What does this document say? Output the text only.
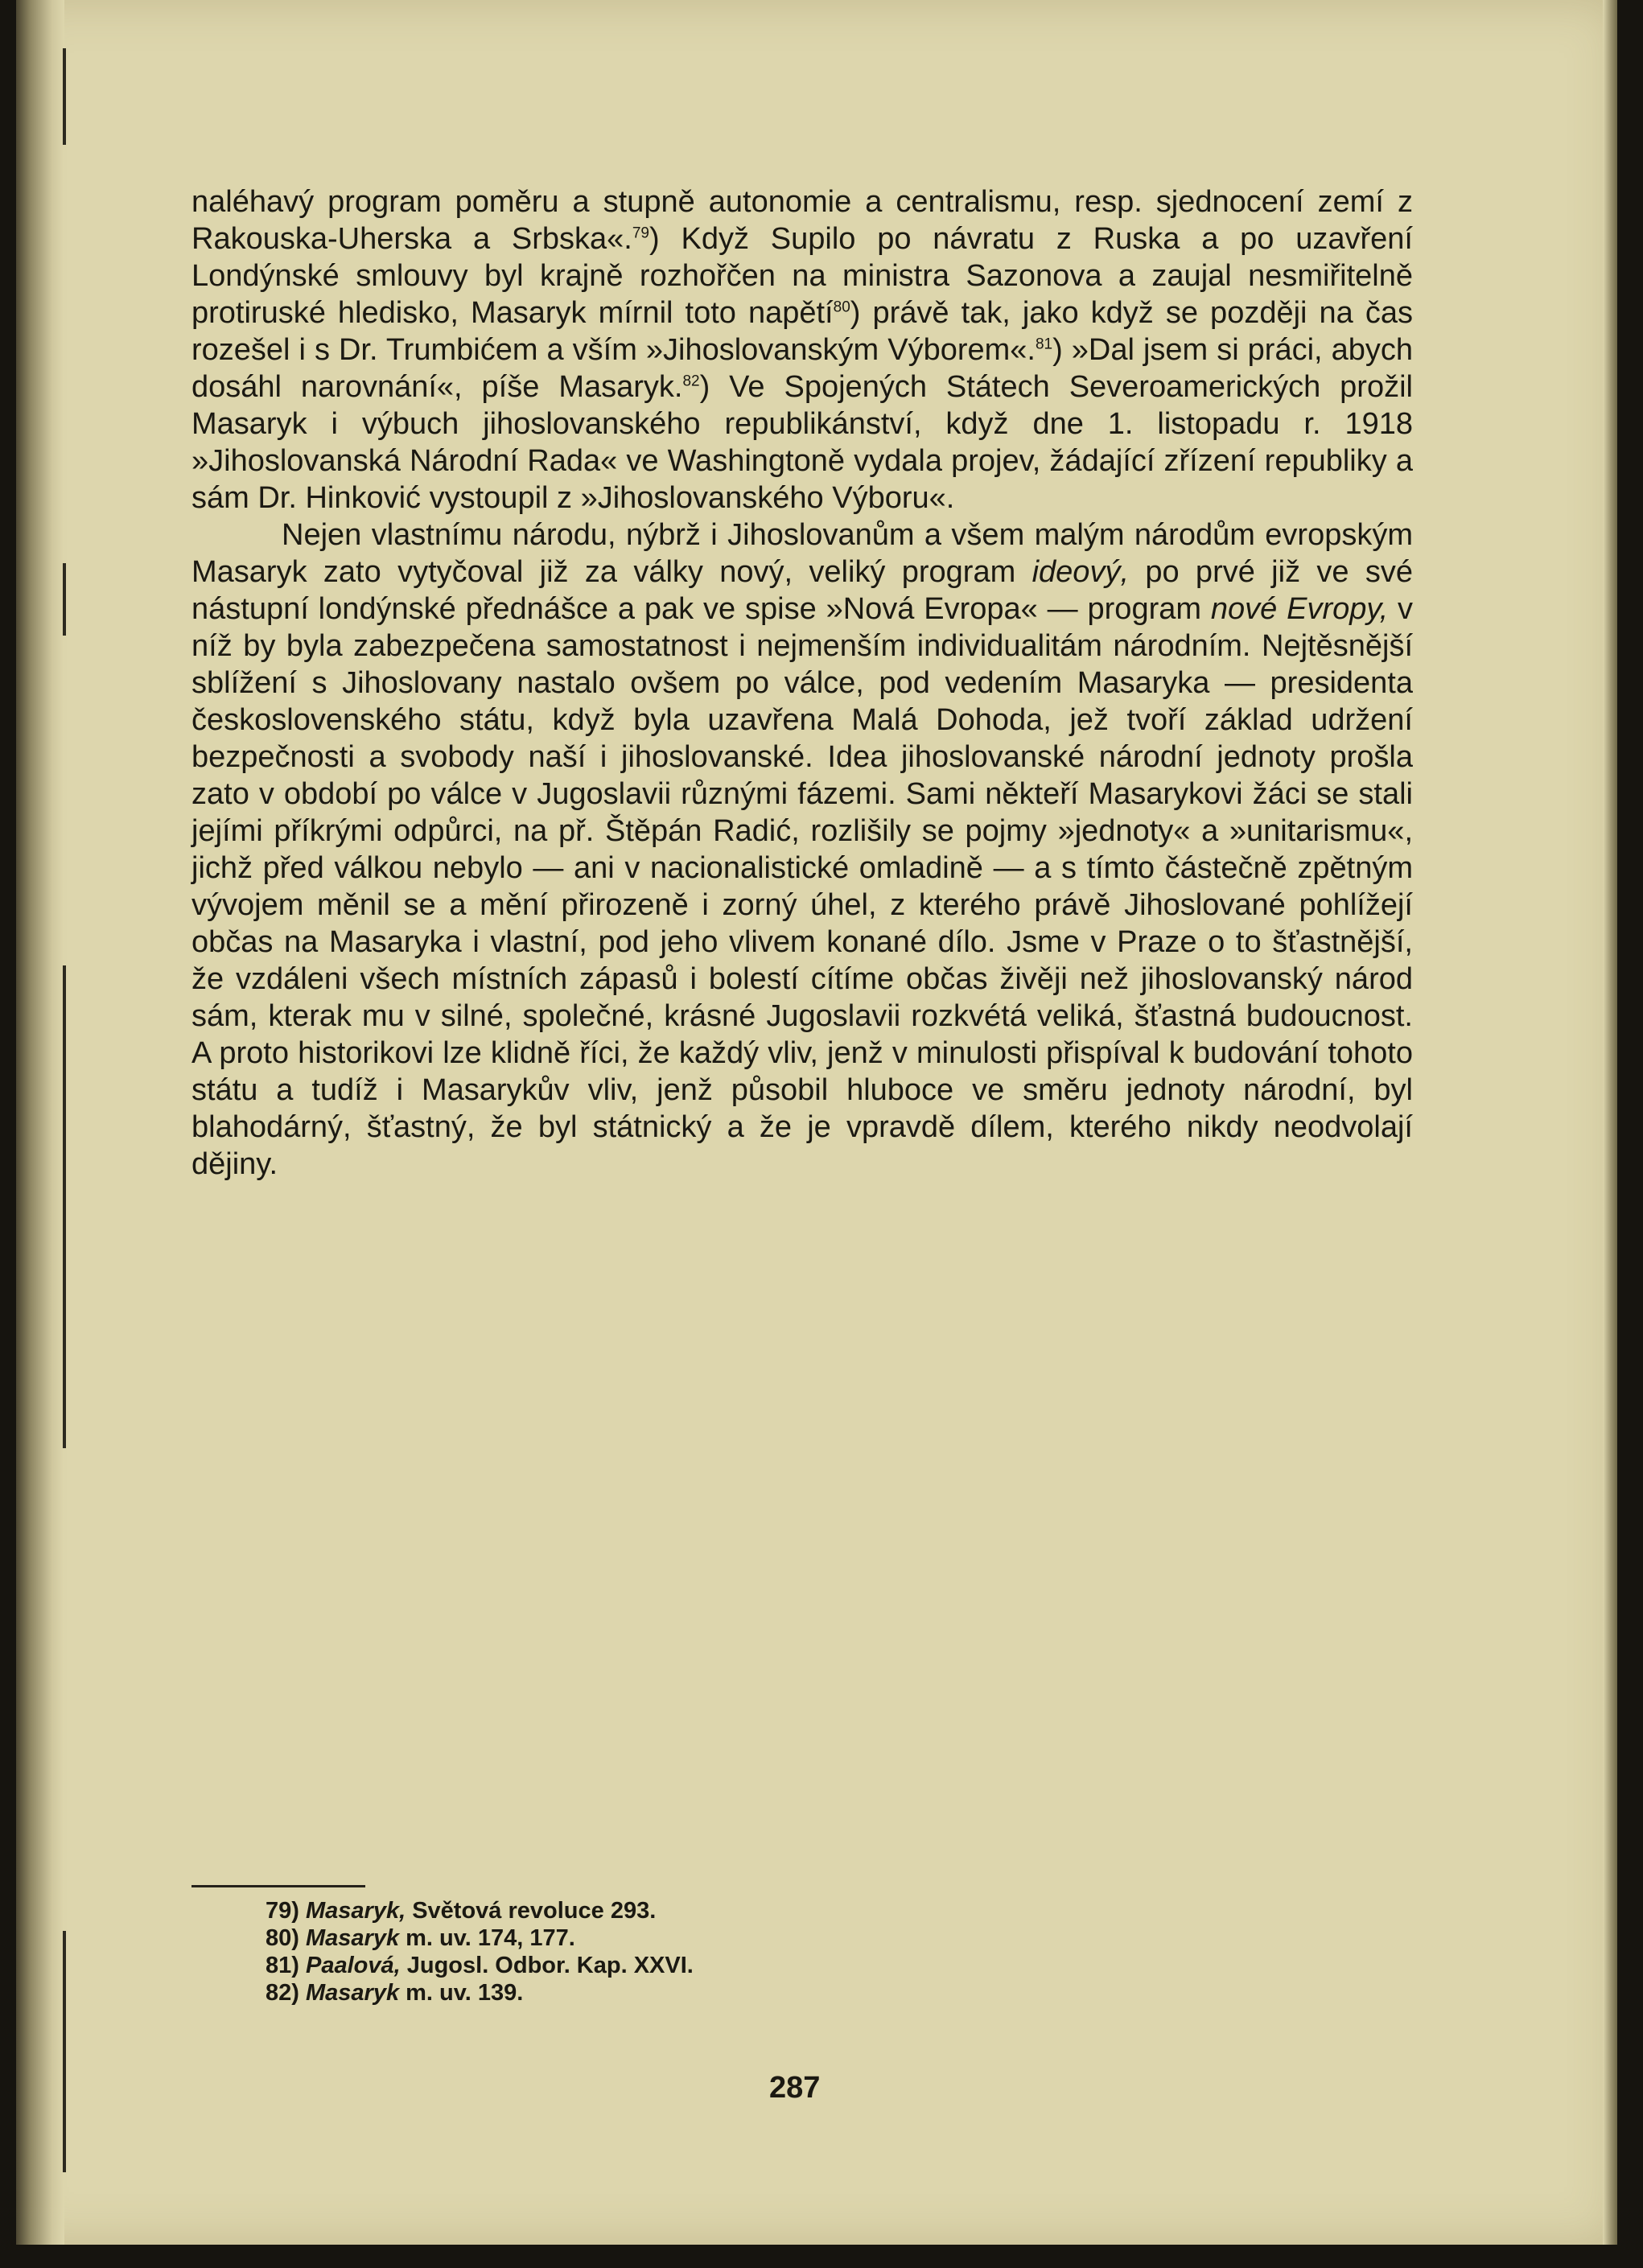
naléhavý program poměru a stupně autonomie a centralismu, resp. sjednocení zemí z Rakouska-Uherska a Srbska«.$^{79}$) Když Supilo po návratu z Ruska a po uzavření Londýnské smlouvy byl krajně rozhořčen na ministra Sazonova a zaujal nesmiřitelně protiruské hledisko, Masaryk mírnil toto napětí$^{80}$) právě tak, jako když se později na čas rozešel i s Dr. Trumbićem a vším »Jihoslovanským Výborem«.$^{81}$) »Dal jsem si práci, abych dosáhl narovnání«, píše Masaryk.$^{82}$) Ve Spojených Státech Severoamerických prožil Masaryk i výbuch jihoslovanského republikánství, když dne 1. listopadu r. 1918 »Jihoslovanská Národní Rada« ve Washingtoně vydala projev, žádající zřízení republiky a sám Dr. Hinković vystoupil z »Jihoslovanského Výboru«.

Nejen vlastnímu národu, nýbrž i Jihoslovanům a všem malým národům evropským Masaryk zato vytyčoval již za války nový, veliký program ideový, po prvé již ve své nástupní londýnské přednášce a pak ve spise »Nová Evropa« — program nové Evropy, v níž by byla zabezpečena samostatnost i nejmenším individualitám národním. Nejtěsnější sblížení s Jihoslovany nastalo ovšem po válce, pod vedením Masaryka — presidenta československého státu, když byla uzavřena Malá Dohoda, jež tvoří základ udržení bezpečnosti a svobody naší i jihoslovanské. Idea jihoslovanské národní jednoty prošla zato v období po válce v Jugoslavii různými fázemi. Sami někteří Masarykovi žáci se stali jejími příkrými odpůrci, na př. Štěpán Radić, rozlišily se pojmy »jednoty« a »unitarismu«, jichž před válkou nebylo — ani v nacionalistické omladině — a s tímto částečně zpětným vývojem měnil se a mění přirozeně i zorný úhel, z kterého právě Jihoslované pohlížejí občas na Masaryka i vlastní, pod jeho vlivem konané dílo. Jsme v Praze o to šťastnější, že vzdáleni všech místních zápasů i bolestí cítíme občas živěji než jihoslovanský národ sám, kterak mu v silné, společné, krásné Jugoslavii rozkvétá veliká, šťastná budoucnost. A proto historikovi lze klidně říci, že každý vliv, jenž v minulosti přispíval k budování tohoto státu a tudíž i Masarykův vliv, jenž působil hluboce ve směru jednoty národní, byl blahodárný, šťastný, že byl státnický a že je vpravdě dílem, kterého nikdy neodvolají dějiny.

79) Masaryk, Světová revoluce 293.
80) Masaryk m. uv. 174, 177.
81) Paalová, Jugosl. Odbor. Kap. XXVI.
82) Masaryk m. uv. 139.
287
